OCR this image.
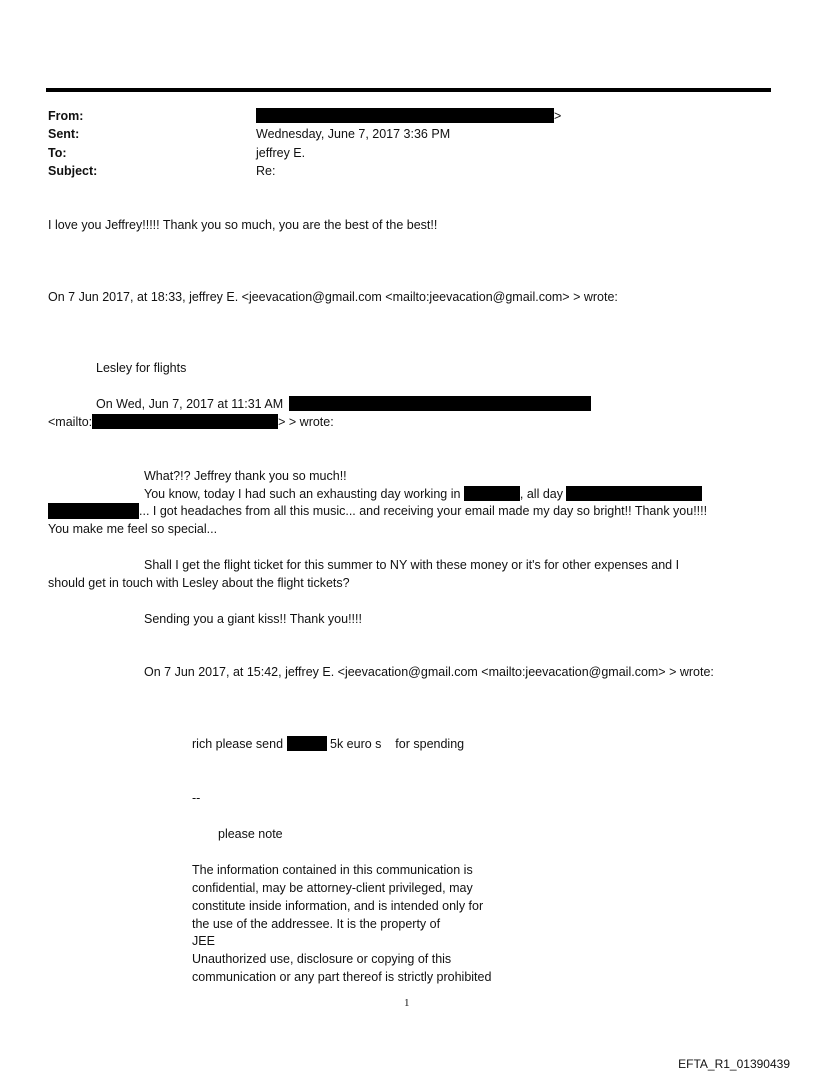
From:	>
Sent:	Wednesday, June 7, 2017 3:36 PM
To:	jeffrey E.
Subject:	Re:
I love you Jeffrey!!!!! Thank you so much, you are the best of the best!!
On 7 Jun 2017, at 18:33, jeffrey E. <jeevacation@gmail.com <mailto:jeevacation@gmail.com> > wrote:
Lesley for flights
On Wed, Jun 7, 2017 at 11:31 AM
<mailto:	> > wrote:
What?!? Jeffrey thank you so much!!
You know, today I had such an exhausting day working in	, all day
... I got headaches from all this music... and receiving your email made my day so bright!! Thank you!!!!
You make me feel so special...
Shall I get the flight ticket for this summer to NY with these money or it's for other expenses and I
should get in touch with Lesley about the flight tickets?
Sending you a giant kiss!! Thank you!!!!
On 7 Jun 2017, at 15:42, jeffrey E. <jeevacation@gmail.com <mailto:jeevacation@gmail.com> > wrote:
rich please send	5k euro s    for spending
--
please note
The information contained in this communication is
confidential, may be attorney-client privileged, may
constitute inside information, and is intended only for
the use of the addressee. It is the property of
JEE
Unauthorized use, disclosure or copying of this
communication or any part thereof is strictly prohibited
1
EFTA_R1_01390439
